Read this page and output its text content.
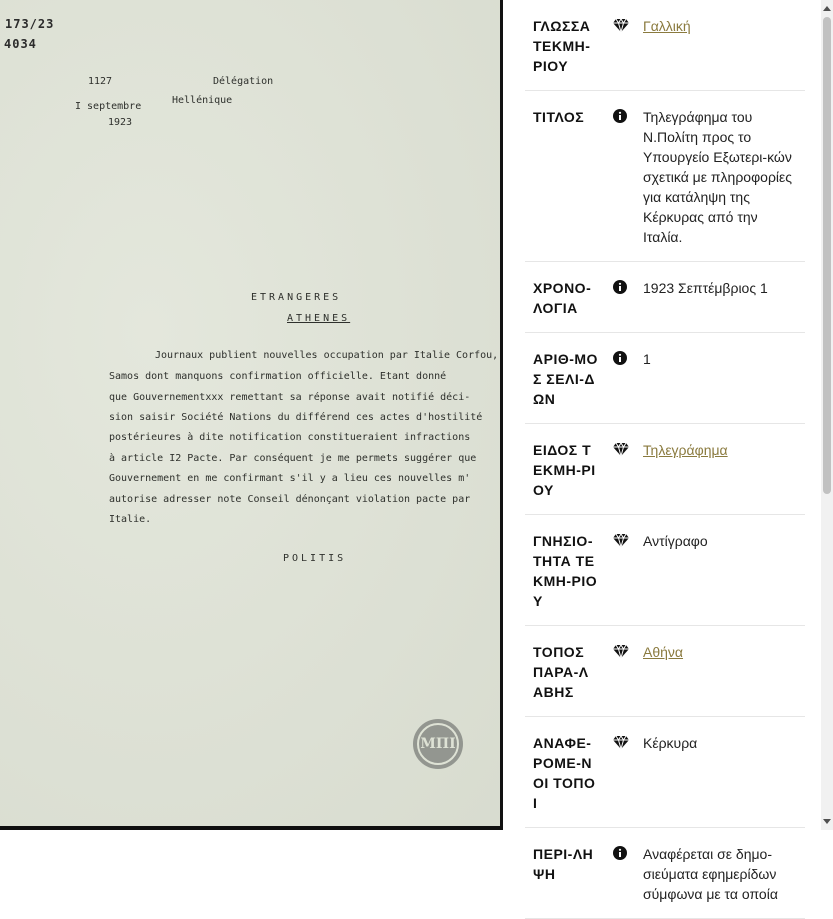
173/23
4034
1127	Délégation
I septembre
Hellénique
1923
ETRANGERES
ATHENES
Journaux publient nouvelles occupation par Italie Corfou,
Samos dont manquons confirmation officielle. Etant donné
que Gouvernementxxx remettant sa réponse avait notifié déci-
sion saisir Société Nations du différend ces actes d'hostilité
postérieures à dite notification constitueraient infractions
à article I2 Pacte. Par conséquent je me permets suggérer que
Gouvernement en me confirmant s'il y a lieu ces nouvelles m'
autorise adresser note Conseil dénonçant violation pacte par
Italie.
POLITIS
ΜΠΙ
ΓΛΩΣΣΑ ΤΕΚΜΗ-ΡΙΟΥ
Γαλλική
ΤΙΤΛΟΣ	Τηλεγράφημα του Ν.Πολίτη προς το Υπουργείο Εξωτερι-κών σχετικά με πληροφορίες για κατάληψη της Κέρκυρας από την Ιταλία.
ΧΡΟΝΟ-ΛΟΓΙΑ
1923 Σεπτέμβριος 1
ΑΡΙΘ-ΜΟΣ ΣΕΛΙ-ΔΩΝ
1
ΕΙΔΟΣ ΤΕΚΜΗ-ΡΙΟΥ
Τηλεγράφημα
ΓΝΗΣΙΟ-ΤΗΤΑ ΤΕΚΜΗ-ΡΙΟΥ
Αντίγραφο
ΤΟΠΟΣ ΠΑΡΑ-ΛΑΒΗΣ
Αθήνα
ΑΝΑΦΕ-ΡΟΜΕ-ΝΟΙ ΤΟΠΟΙ
Κέρκυρα
ΠΕΡΙ-ΛΗΨΗ
Αναφέρεται σε δημο-σιεύματα εφημερίδων σύμφωνα με τα οποία
